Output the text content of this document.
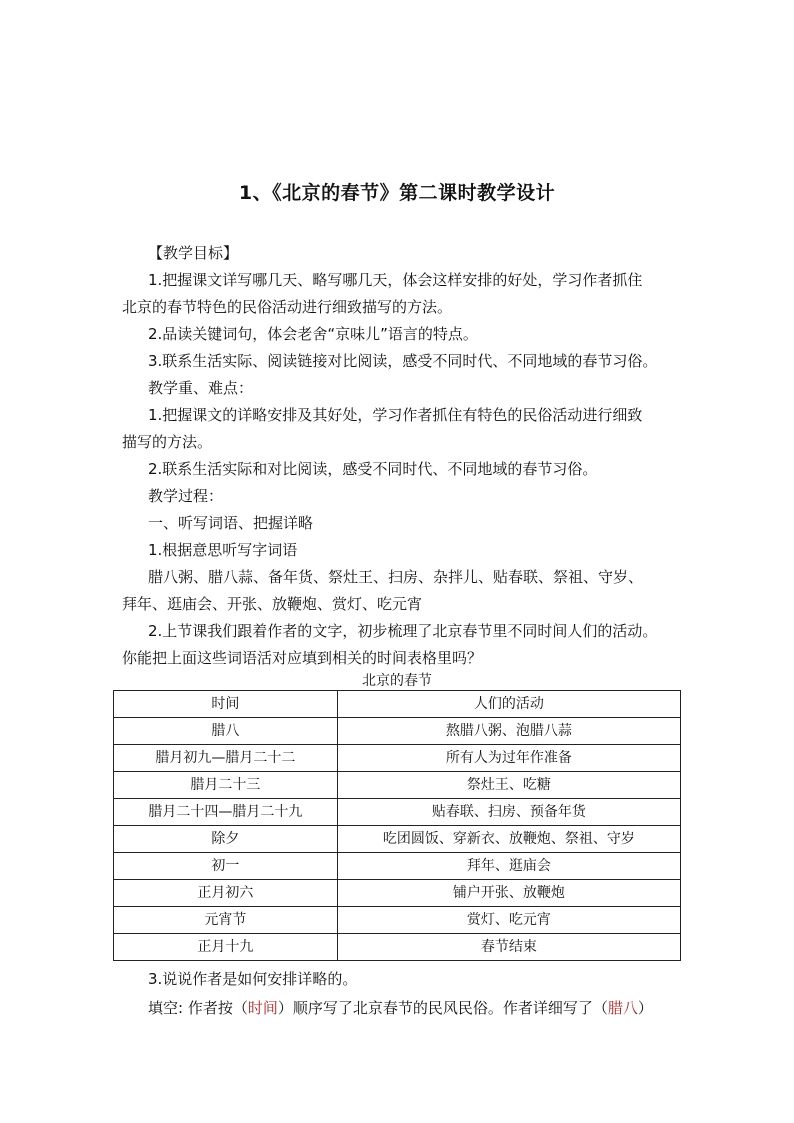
1、《北京的春节》第二课时教学设计
【教学目标】
1.把握课文详写哪几天、略写哪几天，体会这样安排的好处，学习作者抓住
北京的春节特色的民俗活动进行细致描写的方法。
2.品读关键词句，体会老舍“京味儿”语言的特点。
3.联系生活实际、阅读链接对比阅读，感受不同时代、不同地域的春节习俗。
教学重、难点：
1.把握课文的详略安排及其好处，学习作者抓住有特色的民俗活动进行细致
描写的方法。
2.联系生活实际和对比阅读，感受不同时代、不同地域的春节习俗。
教学过程：
一、听写词语、把握详略
1.根据意思听写字词语
腊八粥、腊八蒜、备年货、祭灶王、扫房、杂拌儿、贴春联、祭祖、守岁、
拜年、逛庙会、开张、放鞭炮、赏灯、吃元宵
2.上节课我们跟着作者的文字，初步梳理了北京春节里不同时间人们的活动。
你能把上面这些词语活对应填到相关的时间表格里吗？
北京的春节
时间	人们的活动
腊八	熬腊八粥、泡腊八蒜
腊月初九—腊月二十二	所有人为过年作准备
腊月二十三	祭灶王、吃糖
腊月二十四—腊月二十九	贴春联、扫房、预备年货
除夕	吃团圆饭、穿新衣、放鞭炮、祭祖、守岁
初一	拜年、逛庙会
正月初六	铺户开张、放鞭炮
元宵节	赏灯、吃元宵
正月十九	春节结束
3.说说作者是如何安排详略的。
填空: 作者按（时间）顺序写了北京春节的民风民俗。作者详细写了（腊八）
